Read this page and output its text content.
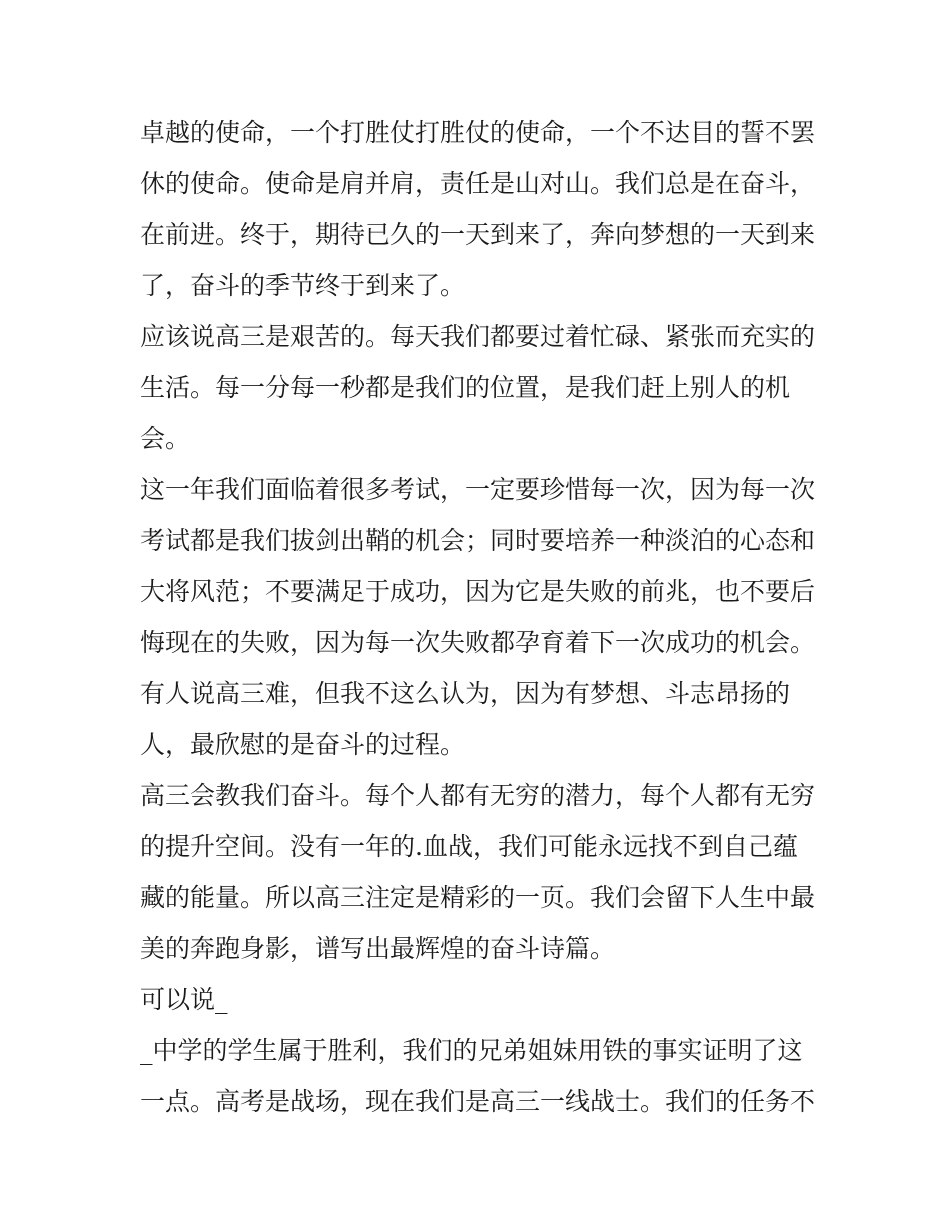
卓越的使命，一个打胜仗打胜仗的使命，一个不达目的誓不罢

休的使命。使命是肩并肩，责任是山对山。我们总是在奋斗，

在前进。终于，期待已久的一天到来了，奔向梦想的一天到来

了，奋斗的季节终于到来了。

应该说高三是艰苦的。每天我们都要过着忙碌、紧张而充实的

生活。每一分每一秒都是我们的位置，是我们赶上别人的机

会。

这一年我们面临着很多考试，一定要珍惜每一次，因为每一次

考试都是我们拔剑出鞘的机会；同时要培养一种淡泊的心态和

大将风范；不要满足于成功，因为它是失败的前兆，也不要后

悔现在的失败，因为每一次失败都孕育着下一次成功的机会。

有人说高三难，但我不这么认为，因为有梦想、斗志昂扬的

人，最欣慰的是奋斗的过程。

高三会教我们奋斗。每个人都有无穷的潜力，每个人都有无穷

的提升空间。没有一年的.血战，我们可能永远找不到自己蕴

藏的能量。所以高三注定是精彩的一页。我们会留下人生中最

美的奔跑身影，谱写出最辉煌的奋斗诗篇。

可以说_

_中学的学生属于胜利，我们的兄弟姐妹用铁的事实证明了这

一点。高考是战场，现在我们是高三一线战士。我们的任务不
